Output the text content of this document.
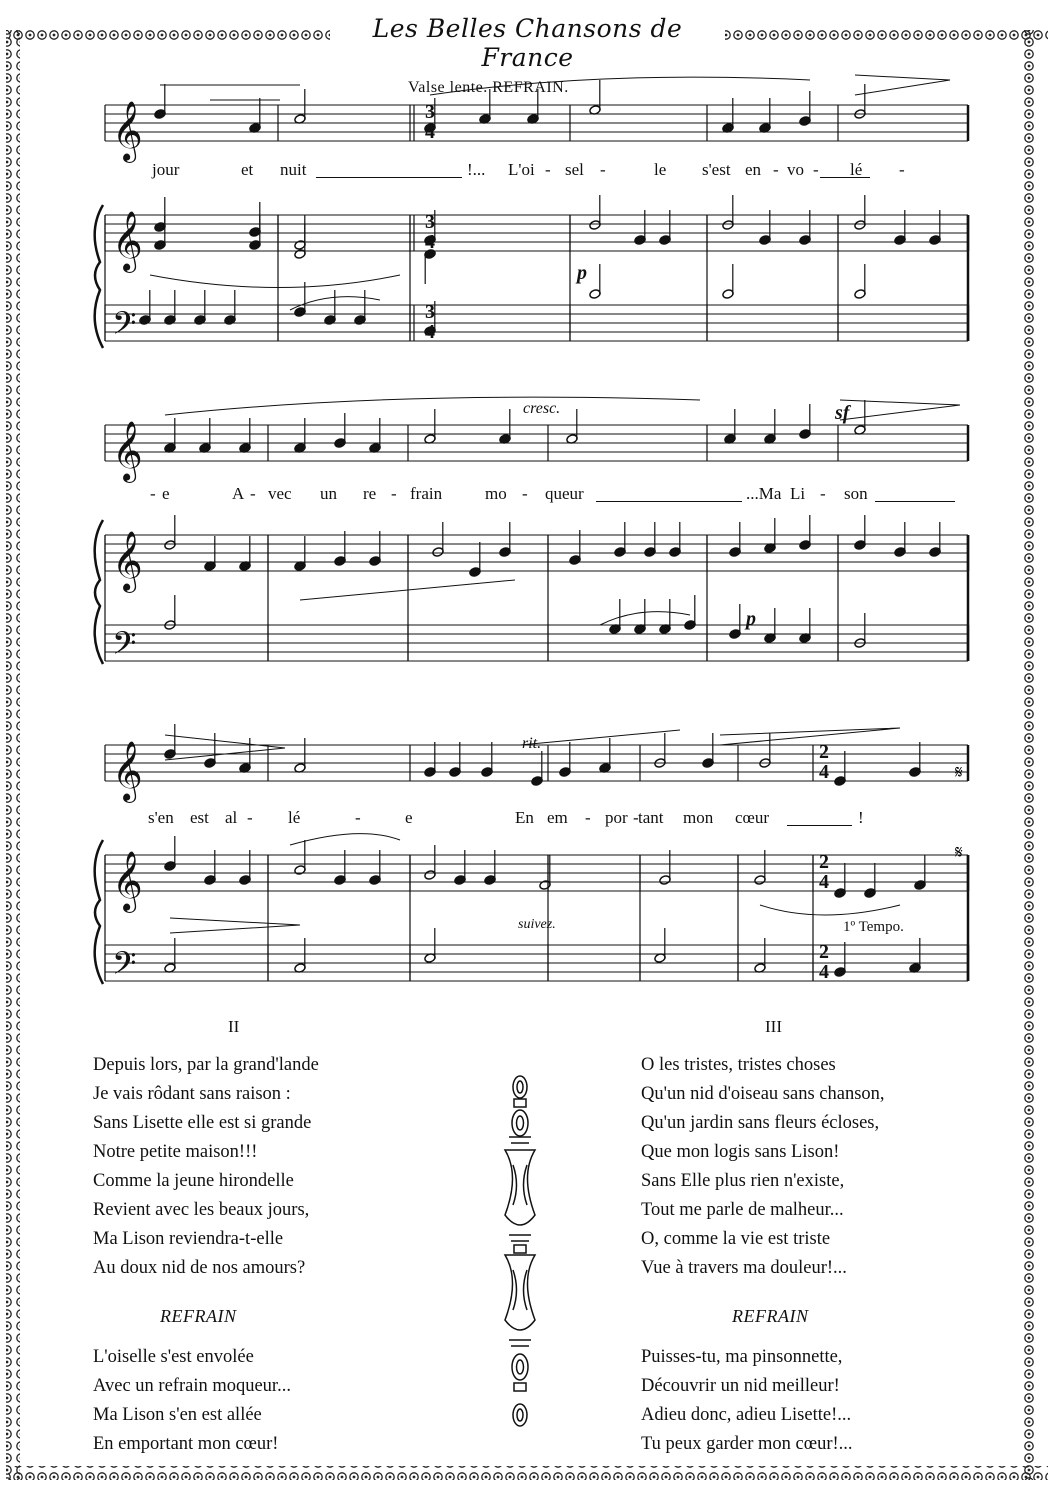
Les Belles Chansons de France
𝄞
𝄞
𝄢
𝄞
𝄞
𝄢
𝄞
𝄞
𝄢
3
4
3
4
3
4
2
4
2
4
2
4
𝄋
𝄋
Valse lente. REFRAIN.
p
cresc.	sf
p
rit.
suivez.	1º Tempo.
jour	et nuit	!... L'oi - sel -	le s'est en - vo - lé -
- e	A - vec un re - frain	mo - queur	...Ma Li - son
s'en est al - lé	-	e	En em - por - tant mon cœur	!
II	III
Depuis lors, par la grand'lande
Je vais rôdant sans raison :
Sans Lisette elle est si grande
Notre petite maison!!!
Comme la jeune hirondelle
Revient avec les beaux jours,
Ma Lison reviendra-t-elle
Au doux nid de nos amours?
REFRAIN
L'oiselle s'est envolée
Avec un refrain moqueur...
Ma Lison s'en est allée
En emportant mon cœur!
O les tristes, tristes choses
Qu'un nid d'oiseau sans chanson,
Qu'un jardin sans fleurs écloses,
Que mon logis sans Lison!
Sans Elle plus rien n'existe,
Tout me parle de malheur...
O, comme la vie est triste
Vue à travers ma douleur!...
REFRAIN
Puisses-tu, ma pinsonnette,
Découvrir un nid meilleur!
Adieu donc, adieu Lisette!...
Tu peux garder mon cœur!...
